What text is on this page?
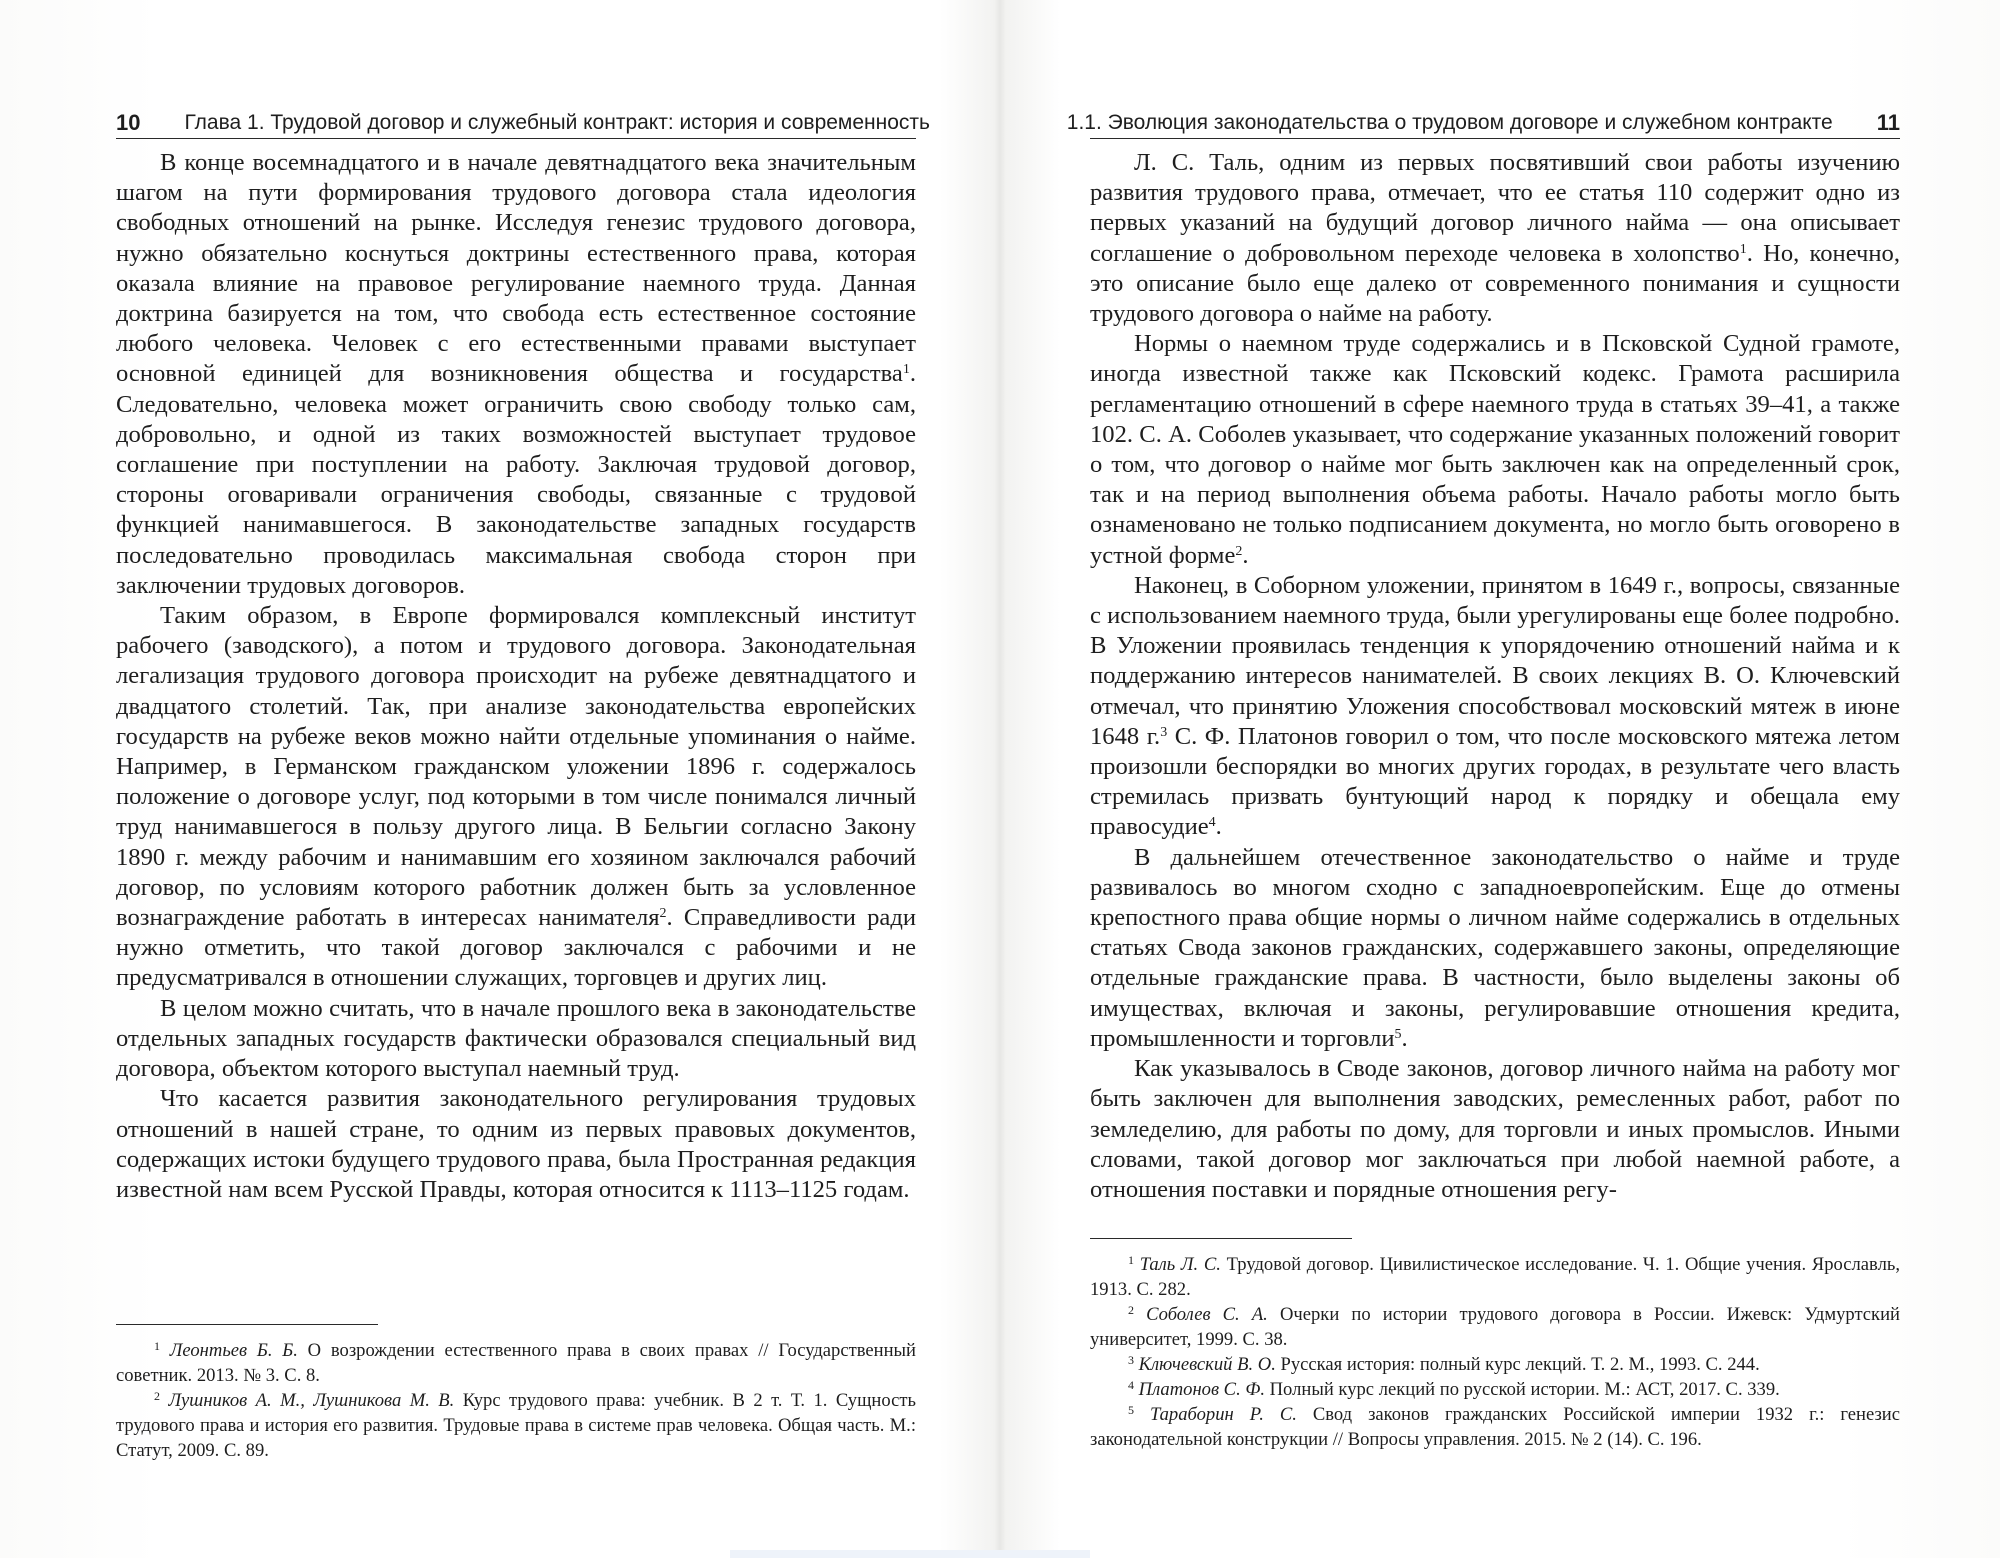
10 Глава 1. Трудовой договор и служебный контракт: история и современность

В конце восемнадцатого и в начале девятнадцатого века значительным шагом на пути формирования трудового договора стала идеология свободных отношений на рынке. Исследуя генезис трудового договора, нужно обязательно коснуться доктрины естественного права, которая оказала влияние на правовое регулирование наемного труда. Данная доктрина базируется на том, что свобода есть естественное состояние любого человека. Человек с его естественными правами выступает основной единицей для возникновения общества и государства$^1$. Следовательно, человека может ограничить свою свободу только сам, добровольно, и одной из таких возможностей выступает трудовое соглашение при поступлении на работу. Заключая трудовой договор, стороны оговаривали ограничения свободы, связанные с трудовой функцией нанимавшегося. В законодательстве западных государств последовательно проводилась максимальная свобода сторон при заключении трудовых договоров.

Таким образом, в Европе формировался комплексный институт рабочего (заводского), а потом и трудового договора. Законодательная легализация трудового договора происходит на рубеже девятнадцатого и двадцатого столетий. Так, при анализе законодательства европейских государств на рубеже веков можно найти отдельные упоминания о найме. Например, в Германском гражданском уложении 1896 г. содержалось положение о договоре услуг, под которыми в том числе понимался личный труд нанимавшегося в пользу другого лица. В Бельгии согласно Закону 1890 г. между рабочим и нанимавшим его хозяином заключался рабочий договор, по условиям которого работник должен быть за условленное вознаграждение работать в интересах нанимателя$^2$. Справедливости ради нужно отметить, что такой договор заключался с рабочими и не предусматривался в отношении служащих, торговцев и других лиц.

В целом можно считать, что в начале прошлого века в законодательстве отдельных западных государств фактически образовался специальный вид договора, объектом которого выступал наемный труд.

Что касается развития законодательного регулирования трудовых отношений в нашей стране, то одним из первых правовых документов, содержащих истоки будущего трудового права, была Пространная редакция известной нам всем Русской Правды, которая относится к 1113–1125 годам.

$^1$ Леонтьев Б. Б. О возрождении естественного права в своих правах // Государственный советник. 2013. № 3. С. 8.

$^2$ Лушников А. М., Лушникова М. В. Курс трудового права: учебник. В 2 т. Т. 1. Сущность трудового права и история его развития. Трудовые права в системе прав человека. Общая часть. М.: Статут, 2009. С. 89.

1.1. Эволюция законодательства о трудовом договоре и служебном контракте 11

Л. С. Таль, одним из первых посвятивший свои работы изучению развития трудового права, отмечает, что ее статья 110 содержит одно из первых указаний на будущий договор личного найма — она описывает соглашение о добровольном переходе человека в холопство$^1$. Но, конечно, это описание было еще далеко от современного понимания и сущности трудового договора о найме на работу.

Нормы о наемном труде содержались и в Псковской Судной грамоте, иногда известной также как Псковский кодекс. Грамота расширила регламентацию отношений в сфере наемного труда в статьях 39–41, а также 102. С. А. Соболев указывает, что содержание указанных положений говорит о том, что договор о найме мог быть заключен как на определенный срок, так и на период выполнения объема работы. Начало работы могло быть ознаменовано не только подписанием документа, но могло быть оговорено в устной форме$^2$.

Наконец, в Соборном уложении, принятом в 1649 г., вопросы, связанные с использованием наемного труда, были урегулированы еще более подробно. В Уложении проявилась тенденция к упорядочению отношений найма и к поддержанию интересов нанимателей. В своих лекциях В. О. Ключевский отмечал, что принятию Уложения способствовал московский мятеж в июне 1648 г.$^3$ С. Ф. Платонов говорил о том, что после московского мятежа летом произошли беспорядки во многих других городах, в результате чего власть стремилась призвать бунтующий народ к порядку и обещала ему правосудие$^4$.

В дальнейшем отечественное законодательство о найме и труде развивалось во многом сходно с западноевропейским. Еще до отмены крепостного права общие нормы о личном найме содержались в отдельных статьях Свода законов гражданских, содержавшего законы, определяющие отдельные гражданские права. В частности, было выделены законы об имуществах, включая и законы, регулировавшие отношения кредита, промышленности и торговли$^5$.

Как указывалось в Своде законов, договор личного найма на работу мог быть заключен для выполнения заводских, ремесленных работ, работ по земледелию, для работы по дому, для торговли и иных промыслов. Иными словами, такой договор мог заключаться при любой наемной работе, а отношения поставки и порядные отношения регу-

$^1$ Таль Л. С. Трудовой договор. Цивилистическое исследование. Ч. 1. Общие учения. Ярославль, 1913. С. 282.

$^2$ Соболев С. А. Очерки по истории трудового договора в России. Ижевск: Удмуртский университет, 1999. С. 38.

$^3$ Ключевский В. О. Русская история: полный курс лекций. Т. 2. М., 1993. С. 244.

$^4$ Платонов С. Ф. Полный курс лекций по русской истории. М.: АСТ, 2017. С. 339.

$^5$ Тараборин Р. С. Свод законов гражданских Российской империи 1932 г.: генезис законодательной конструкции // Вопросы управления. 2015. № 2 (14). С. 196.
